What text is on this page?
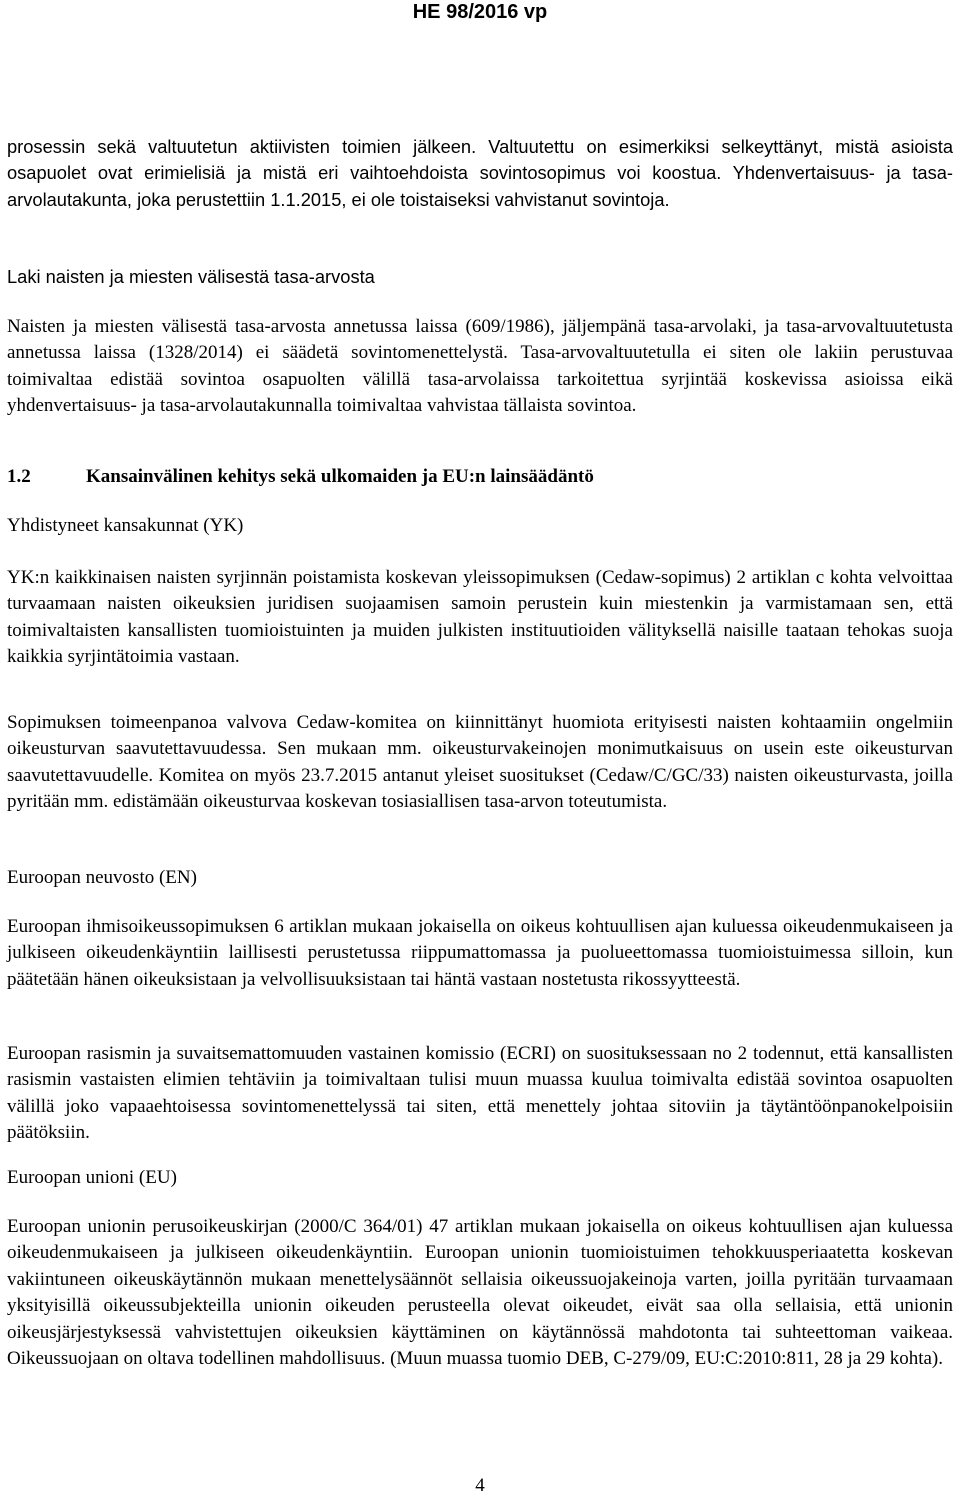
HE 98/2016 vp

prosessin sekä valtuutetun aktiivisten toimien jälkeen. Valtuutettu on esimerkiksi selkeyttänyt, mistä asioista osapuolet ovat erimielisiä ja mistä eri vaihtoehdoista sovintosopimus voi koostua. Yhdenvertaisuus- ja tasa-arvolautakunta, joka perustettiin 1.1.2015, ei ole toistaiseksi vahvistanut sovintoja.

Laki naisten ja miesten välisestä tasa-arvosta

Naisten ja miesten välisestä tasa-arvosta annetussa laissa (609/1986), jäljempänä tasa-arvolaki, ja tasa-arvovaltuutetusta annetussa laissa (1328/2014) ei säädetä sovintomenettelystä. Tasa-arvovaltuutetulla ei siten ole lakiin perustuvaa toimivaltaa edistää sovintoa osapuolten välillä tasa-arvolaissa tarkoitettua syrjintää koskevissa asioissa eikä yhdenvertaisuus- ja tasa-arvolautakunnalla toimivaltaa vahvistaa tällaista sovintoa.

1.2	Kansainvälinen kehitys sekä ulkomaiden ja EU:n lainsäädäntö

Yhdistyneet kansakunnat (YK)

YK:n kaikkinaisen naisten syrjinnän poistamista koskevan yleissopimuksen (Cedaw-sopimus) 2 artiklan c kohta velvoittaa turvaamaan naisten oikeuksien juridisen suojaamisen samoin perustein kuin miestenkin ja varmistamaan sen, että toimivaltaisten kansallisten tuomioistuinten ja muiden julkisten instituutioiden välityksellä naisille taataan tehokas suoja kaikkia syrjintätoimia vastaan.

Sopimuksen toimeenpanoa valvova Cedaw-komitea on kiinnittänyt huomiota erityisesti naisten kohtaamiin ongelmiin oikeusturvan saavutettavuudessa. Sen mukaan mm. oikeusturvakeinojen monimutkaisuus on usein este oikeusturvan saavutettavuudelle. Komitea on myös 23.7.2015 antanut yleiset suositukset (Cedaw/C/GC/33) naisten oikeusturvasta, joilla pyritään mm. edistämään oikeusturvaa koskevan tosiasiallisen tasa-arvon toteutumista.

Euroopan neuvosto (EN)

Euroopan ihmisoikeussopimuksen 6 artiklan mukaan jokaisella on oikeus kohtuullisen ajan kuluessa oikeudenmukaiseen ja julkiseen oikeudenkäyntiin laillisesti perustetussa riippumattomassa ja puolueettomassa tuomioistuimessa silloin, kun päätetään hänen oikeuksistaan ja velvollisuuksistaan tai häntä vastaan nostetusta rikossyytteestä.

Euroopan rasismin ja suvaitsemattomuuden vastainen komissio (ECRI) on suosituksessaan no 2 todennut, että kansallisten rasismin vastaisten elimien tehtäviin ja toimivaltaan tulisi muun muassa kuulua toimivalta edistää sovintoa osapuolten välillä joko vapaaehtoisessa sovintomenettelyssä tai siten, että menettely johtaa sitoviin ja täytäntöönpanokelpoisiin päätöksiin.

Euroopan unioni (EU)

Euroopan unionin perusoikeuskirjan (2000/C 364/01) 47 artiklan mukaan jokaisella on oikeus kohtuullisen ajan kuluessa oikeudenmukaiseen ja julkiseen oikeudenkäyntiin. Euroopan unionin tuomioistuimen tehokkuusperiaatetta koskevan vakiintuneen oikeuskäytännön mukaan menettelysäännöt sellaisia oikeussuojakeinoja varten, joilla pyritään turvaamaan yksityisillä oikeussubjekteilla unionin oikeuden perusteella olevat oikeudet, eivät saa olla sellaisia, että unionin oikeusjärjestyksessä vahvistettujen oikeuksien käyttäminen on käytännössä mahdotonta tai suhteettoman vaikeaa. Oikeussuojaan on oltava todellinen mahdollisuus. (Muun muassa tuomio DEB, C-279/09, EU:C:2010:811, 28 ja 29 kohta).

4
